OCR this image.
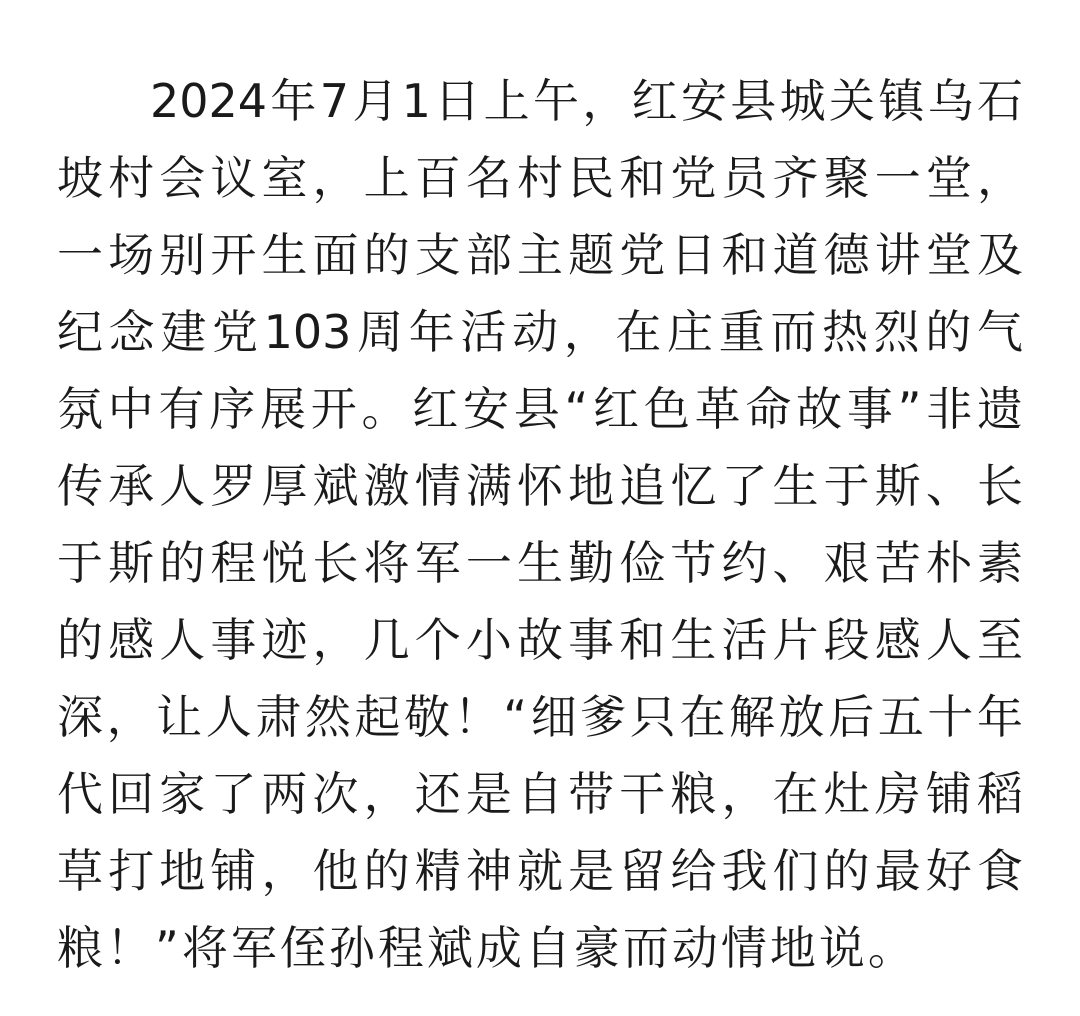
2024年7月1日上午，红安县城关镇乌石
坡村会议室，上百名村民和党员齐聚一堂，
一场别开生面的支部主题党日和道德讲堂及
纪念建党103周年活动，在庄重而热烈的气
氛中有序展开。红安县“红色革命故事”非遗
传承人罗厚斌激情满怀地追忆了生于斯、长
于斯的程悦长将军一生勤俭节约、艰苦朴素
的感人事迹，几个小故事和生活片段感人至
深，让人肃然起敬！“细爹只在解放后五十年
代回家了两次，还是自带干粮，在灶房铺稻
草打地铺，他的精神就是留给我们的最好食
粮！”将军侄孙程斌成自豪而动情地说。
